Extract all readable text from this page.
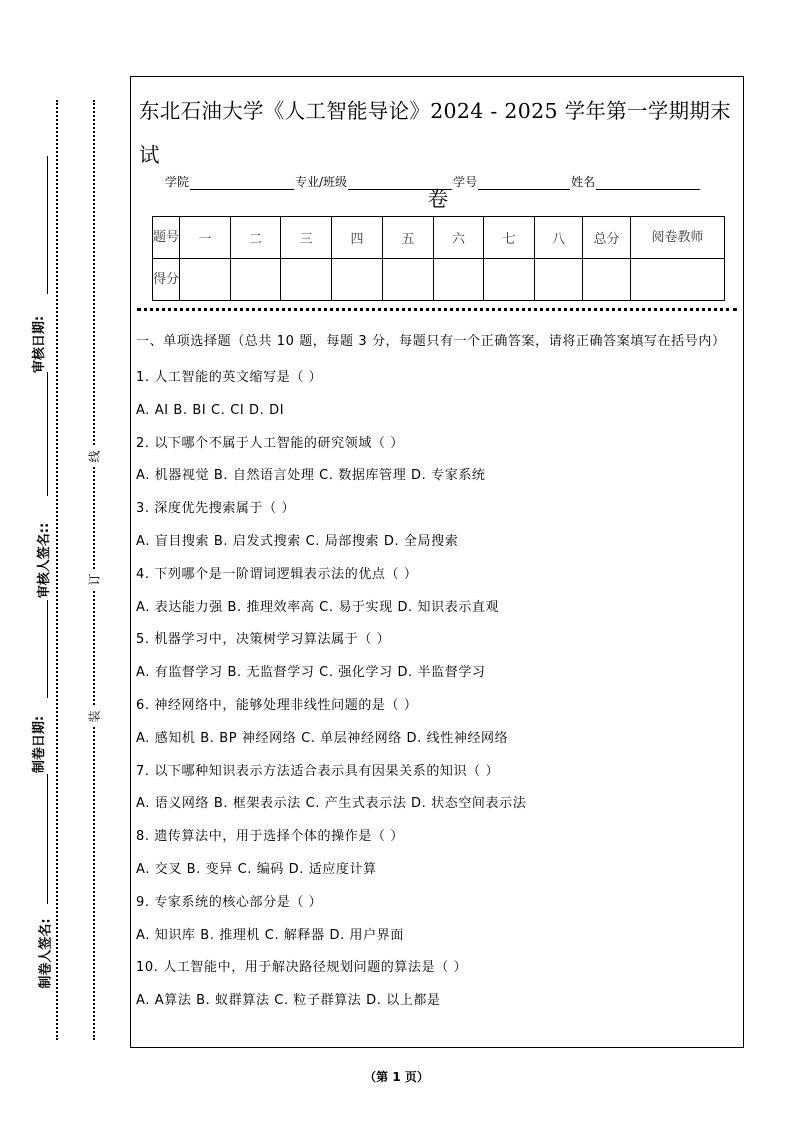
审核日期:
审核人签名::
制卷日期:
制卷人签名:
线
订
装
东北石油大学《人工智能导论》2024 - 2025 学年第一学期期末试
卷
学院	专业/班级	学号	姓名
题号	一	二	三	四	五	六	七	八	总分	阅卷教师
得分										

一、单项选择题（总共 10 题，每题 3 分，每题只有一个正确答案，请将正确答案填写在括号内）

1. 人工智能的英文缩写是（ ）

A. AI B. BI C. CI D. DI

2. 以下哪个不属于人工智能的研究领域（ ）

A. 机器视觉 B. 自然语言处理 C. 数据库管理 D. 专家系统

3. 深度优先搜索属于（ ）

A. 盲目搜索 B. 启发式搜索 C. 局部搜索 D. 全局搜索

4. 下列哪个是一阶谓词逻辑表示法的优点（ ）

A. 表达能力强 B. 推理效率高 C. 易于实现 D. 知识表示直观

5. 机器学习中，决策树学习算法属于（ ）

A. 有监督学习 B. 无监督学习 C. 强化学习 D. 半监督学习

6. 神经网络中，能够处理非线性问题的是（ ）

A. 感知机 B. BP 神经网络 C. 单层神经网络 D. 线性神经网络

7. 以下哪种知识表示方法适合表示具有因果关系的知识（ ）

A. 语义网络 B. 框架表示法 C. 产生式表示法 D. 状态空间表示法

8. 遗传算法中，用于选择个体的操作是（ ）

A. 交叉 B. 变异 C. 编码 D. 适应度计算

9. 专家系统的核心部分是（ ）

A. 知识库 B. 推理机 C. 解释器 D. 用户界面

10. 人工智能中，用于解决路径规划问题的算法是（ ）

A. A算法 B. 蚁群算法 C. 粒子群算法 D. 以上都是

（第 1 页）
